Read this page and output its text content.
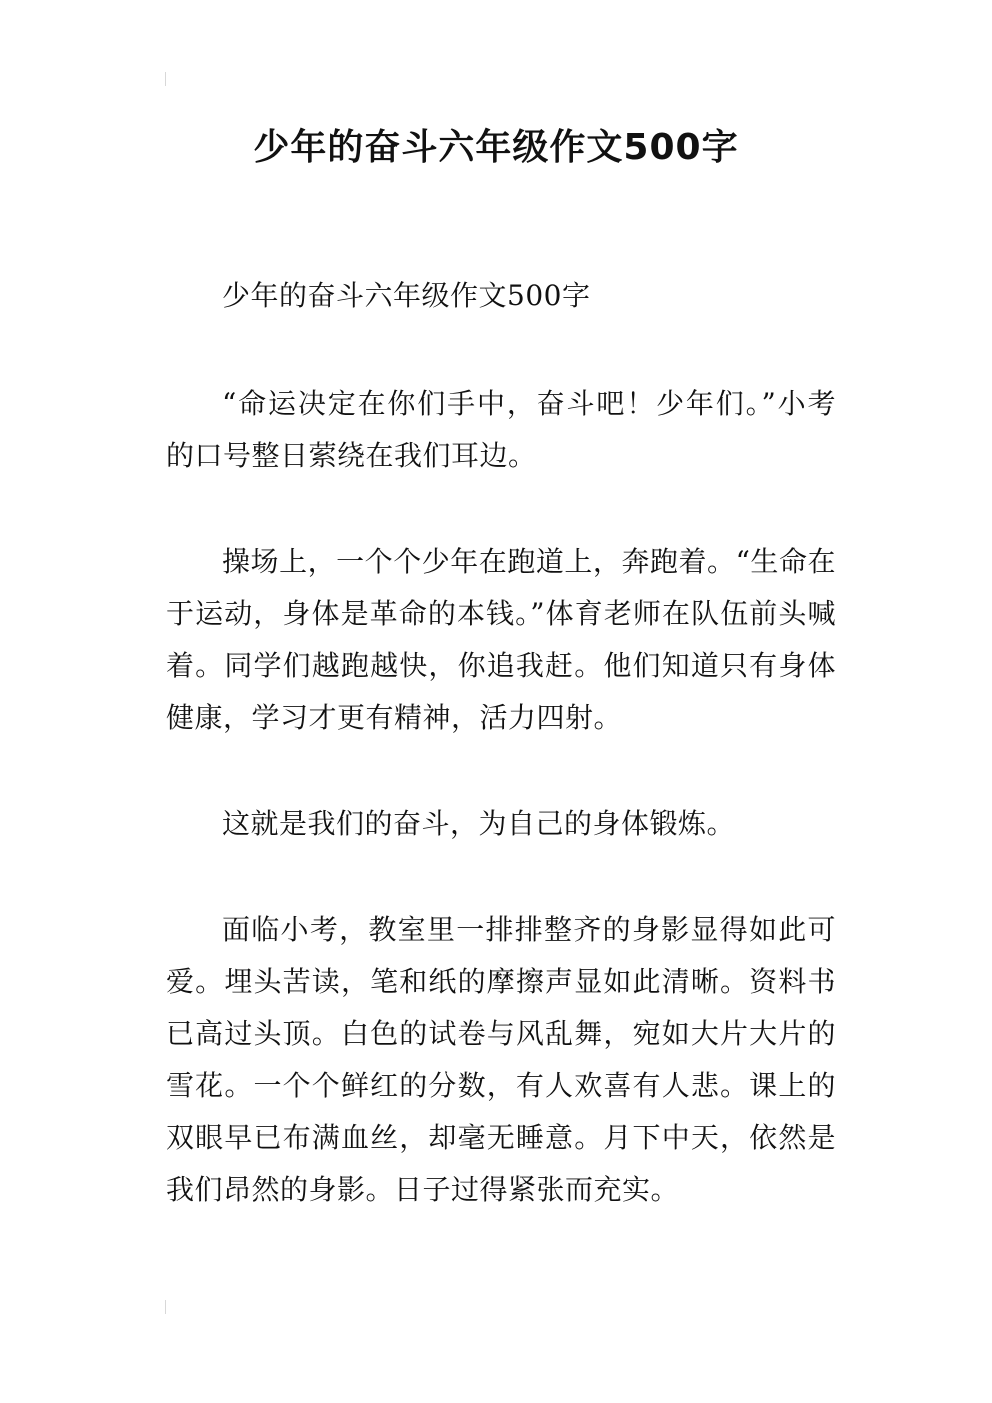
少年的奋斗六年级作文500字

少年的奋斗六年级作文500字

“命运决定在你们手中，奋斗吧！少年们。”小考的口号整日萦绕在我们耳边。

操场上，一个个少年在跑道上，奔跑着。“生命在于运动，身体是革命的本钱。”体育老师在队伍前头喊着。同学们越跑越快，你追我赶。他们知道只有身体健康，学习才更有精神，活力四射。

这就是我们的奋斗，为自己的身体锻炼。

面临小考，教室里一排排整齐的身影显得如此可爱。埋头苦读，笔和纸的摩擦声显如此清晰。资料书已高过头顶。白色的试卷与风乱舞，宛如大片大片的雪花。一个个鲜红的分数，有人欢喜有人悲。课上的双眼早已布满血丝，却毫无睡意。月下中天，依然是我们昂然的身影。日子过得紧张而充实。
